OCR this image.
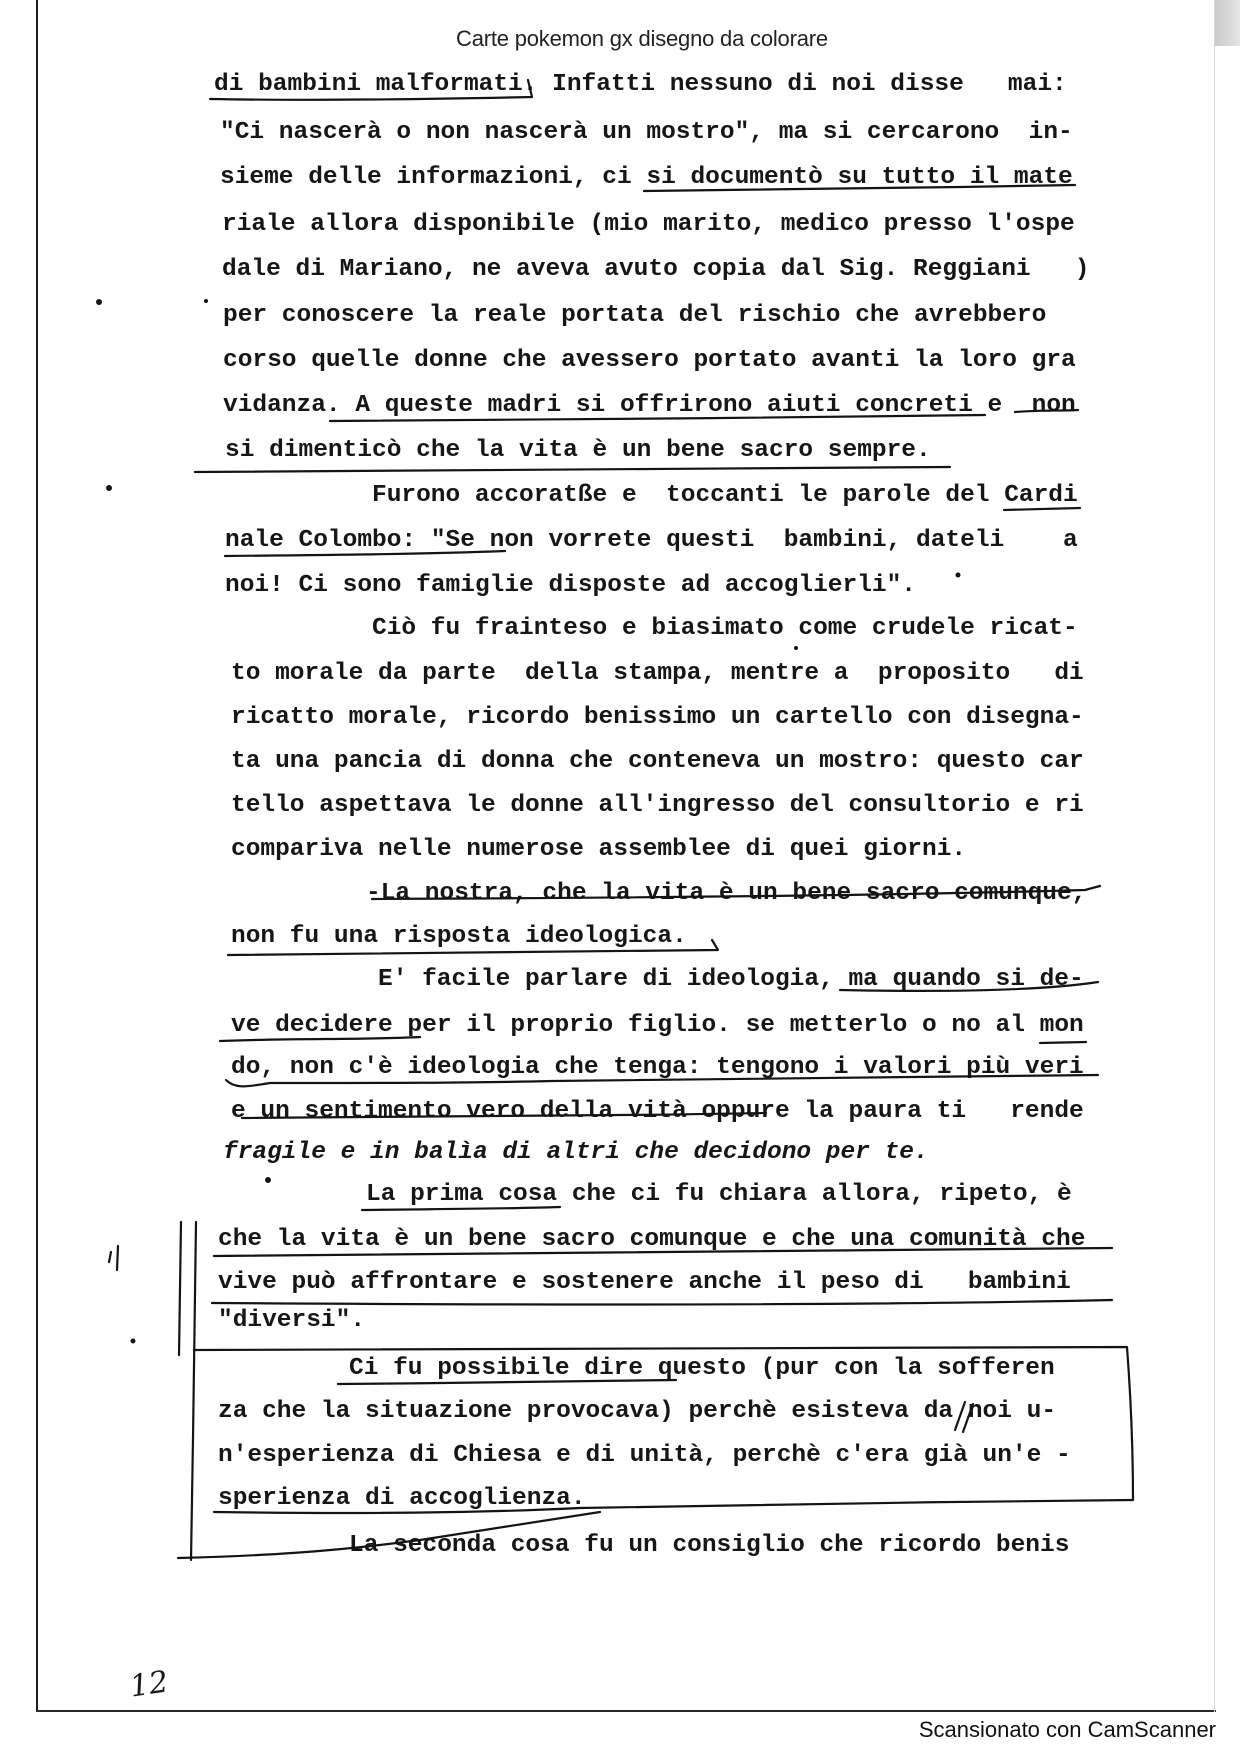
Carte pokemon gx disegno da colorare
di bambini malformati. Infatti nessuno di noi disse   mai:
"Ci nascerà o non nascerà un mostro", ma si cercarono  in-
sieme delle informazioni, ci si documentò su tutto il mate
riale allora disponibile (mio marito, medico presso l'ospe
dale di Mariano, ne aveva avuto copia dal Sig. Reggiani   )
per conoscere la reale portata del rischio che avrebbero
corso quelle donne che avessero portato avanti la loro gra
vidanza. A queste madri si offrirono aiuti concreti e  non
si dimenticò che la vita è un bene sacro sempre.
Furono accoratße e  toccanti le parole del Cardi
nale Colombo: "Se non vorrete questi  bambini, dateli    a
noi! Ci sono famiglie disposte ad accoglierli".
Ciò fu frainteso e biasimato come crudele ricat-
to morale da parte  della stampa, mentre a  proposito   di
ricatto morale, ricordo benissimo un cartello con disegna-
ta una pancia di donna che conteneva un mostro: questo car
tello aspettava le donne all'ingresso del consultorio e ri
compariva nelle numerose assemblee di quei giorni.
-La nostra, che la vita è un bene sacro comunque,
non fu una risposta ideologica.
E' facile parlare di ideologia, ma quando si de-
ve decidere per il proprio figlio. se metterlo o no al mon
do, non c'è ideologia che tenga: tengono i valori più veri
e un sentimento vero della vità oppure la paura ti   rende
fragile e in balìa di altri che decidono per te.
La prima cosa che ci fu chiara allora, ripeto, è
che la vita è un bene sacro comunque e che una comunità che
vive può affrontare e sostenere anche il peso di   bambini
"diversi".
Ci fu possibile dire questo (pur con la sofferen
za che la situazione provocava) perchè esisteva da noi u-
n'esperienza di Chiesa e di unità, perchè c'era già un'e -
sperienza di accoglienza.
La seconda cosa fu un consiglio che ricordo benis
12
Scansionato con CamScanner
